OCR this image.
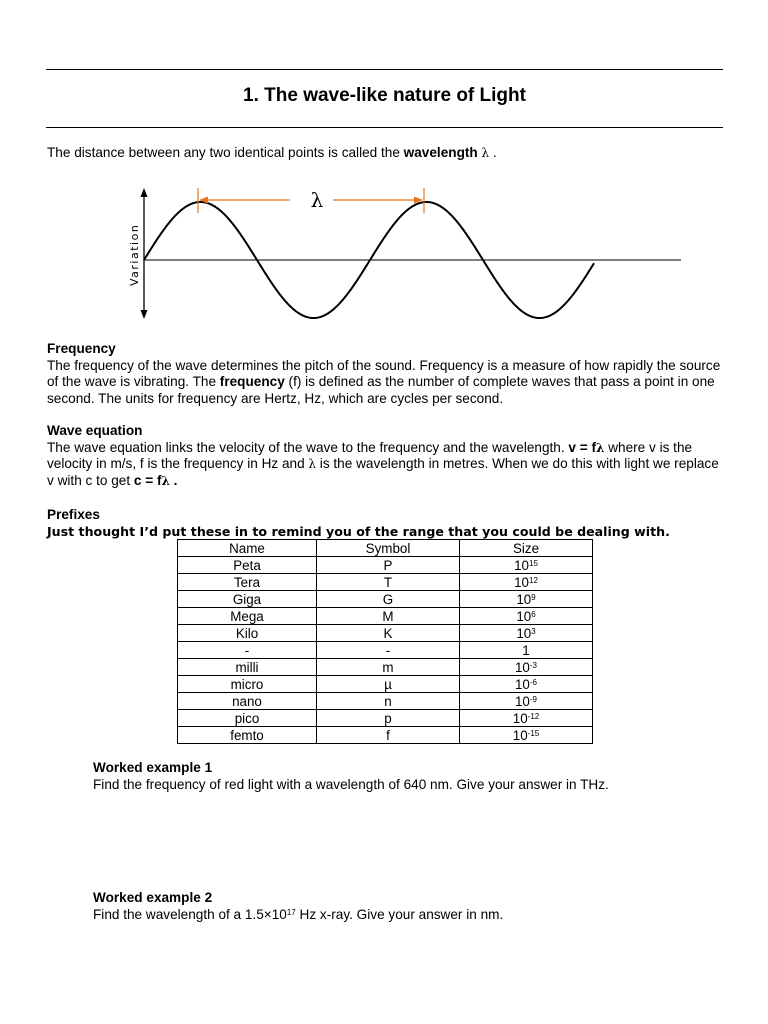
1. The wave-like nature of Light
The distance between any two identical points is called the wavelength λ .
λ
Variation
Frequency
The frequency of the wave determines the pitch of the sound. Frequency is a measure of how rapidly the source of the wave is vibrating. The frequency (f) is defined as the number of complete waves that pass a point in one second. The units for frequency are Hertz, Hz, which are cycles per second.
Wave equation
The wave equation links the velocity of the wave to the frequency and the wavelength. v = fλ where v is the velocity in m/s, f is the frequency in Hz and λ is the wavelength in metres. When we do this with light we replace v with c to get c = fλ .
Prefixes
Just thought I’d put these in to remind you of the range that you could be dealing with.
Name	Symbol	Size
Peta	P	$10^{15}$
Tera	T	$10^{12}$
Giga	G	$10^9$
Mega	M	$10^6$
Kilo	K	$10^3$
-	-	1
milli	m	$10^{-3}$
micro	µ	$10^{-6}$
nano	n	$10^{-9}$
pico	p	$10^{-12}$
femto	f	$10^{-15}$
Worked example 1
Find the frequency of red light with a wavelength of 640 nm. Give your answer in THz.
Worked example 2
Find the wavelength of a $1.5\times 10^{17}$ Hz x-ray. Give your answer in nm.
